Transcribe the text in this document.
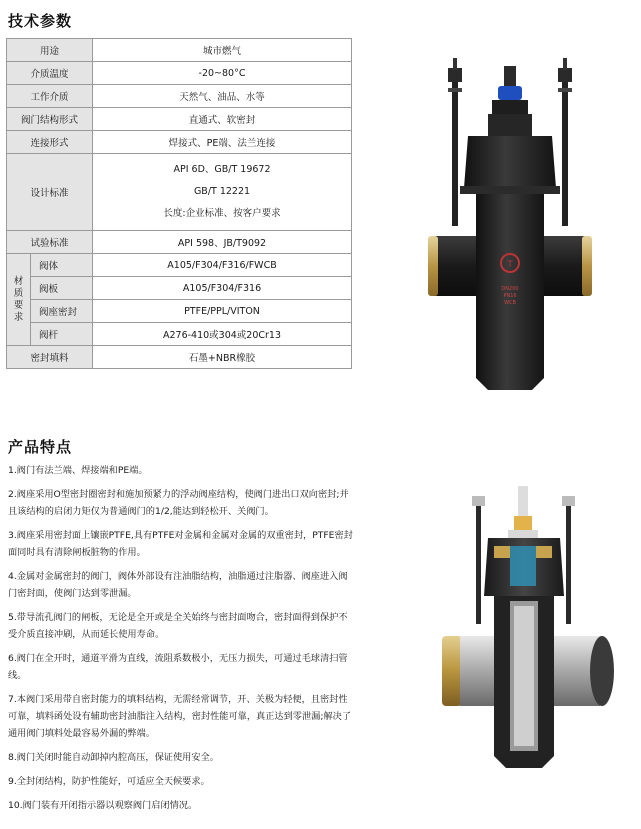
技术参数
用途		城市燃气
介质温度		-20~80°C
工作介质		天然气、油品、水等
阀门结构形式		直通式、软密封
连接形式		焊接式、PE端、法兰连接
设计标准		API 6D、GB/T 19672
GB/T 12221
长度:企业标准、按客户要求

试验标准		API 598、JB/T9092

材
质
要
求	阀体	A105/F304/F316/FWCB
	阀板	A105/F304/F316
	阀座密封	PTFE/PPL/VITON
	阀杆	A276-410或304或20Cr13
密封填料		石墨+NBR橡胶
T
DN200
PN16
WCB
产品特点
1.阀门有法兰端、焊接端和PE端。
2.阀座采用O型密封圈密封和施加预紧力的浮动阀座结构，使阀门进出口双向密封;并且该结构的启闭力矩仅为普通阀门的1/2,能达到轻松开、关阀门。
3.阀座采用密封面上镶嵌PTFE,具有PTFE对金属和金属对金属的双重密封，PTFE密封面同时具有清除闸板脏物的作用。
4.金属对金属密封的阀门，阀体外部设有注油脂结构，油脂通过注脂器、阀座进入阀门密封面，使阀门达到零泄漏。
5.带导流孔阀门的闸板，无论是全开或是全关始终与密封面吻合，密封面得到保护不受介质直接冲刷，从而延长使用寿命。
6.阀门在全开时，通道平滑为直线，流阻系数极小，无压力损失，可通过毛球清扫管线。
7.本阀门采用带自密封能力的填料结构，无需经常调节，开、关极为轻便，且密封性可靠，填料函处设有辅助密封油脂注入结构，密封性能可靠，真正达到零泄漏;解决了通用阀门填料处最容易外漏的弊端。
8.阀门关闭时能自动卸掉内腔高压，保证使用安全。
9.全封闭结构，防护性能好，可适应全天候要求。
10.阀门装有开闭指示器以观察阀门启闭情况。
